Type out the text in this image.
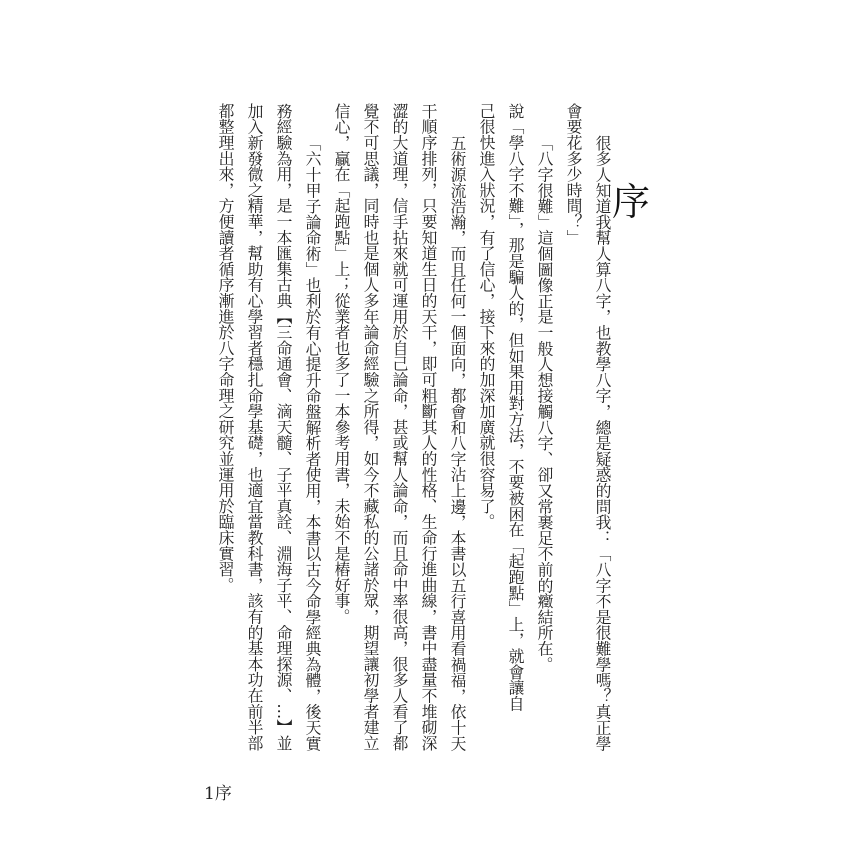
序
很多人知道我幫人算八字，也教學八字，總是疑惑的問我：「八字不是很難學嗎？真正學
會要花多少時間？」
「八字很難」這個圖像正是一般人想接觸八字、卻又常裹足不前的癥結所在。
說「學八字不難」，那是騙人的，但如果用對方法，不要被困在「起跑點」上，就會讓自
己很快進入狀況，有了信心，接下來的加深加廣就很容易了。
五術源流浩瀚，而且任何一個面向，都會和八字沾上邊，本書以五行喜用看禍福，依十天
干順序排列，只要知道生日的天干，即可粗斷其人的性格、生命行進曲線，書中盡量不堆砌深
澀的大道理，信手拈來就可運用於自己論命，甚或幫人論命，而且命中率很高，很多人看了都
覺不可思議，同時也是個人多年論命經驗之所得，如今不藏私的公諸於眾，期望讓初學者建立
信心，贏在「起跑點」上；從業者也多了一本參考用書，未始不是樁好事。
「六十甲子論命術」也利於有心提升命盤解析者使用，本書以古今命學經典為體，後天實
務經驗為用，是一本匯集古典【三命通會、滴天髓、子平真詮、淵海子平、命理探源、…】並
加入新發微之精華，幫助有心學習者穩扎命學基礎，也適宜當教科書，該有的基本功在前半部
都整理出來，方便讀者循序漸進於八字命理之研究並運用於臨床實習。
1序
